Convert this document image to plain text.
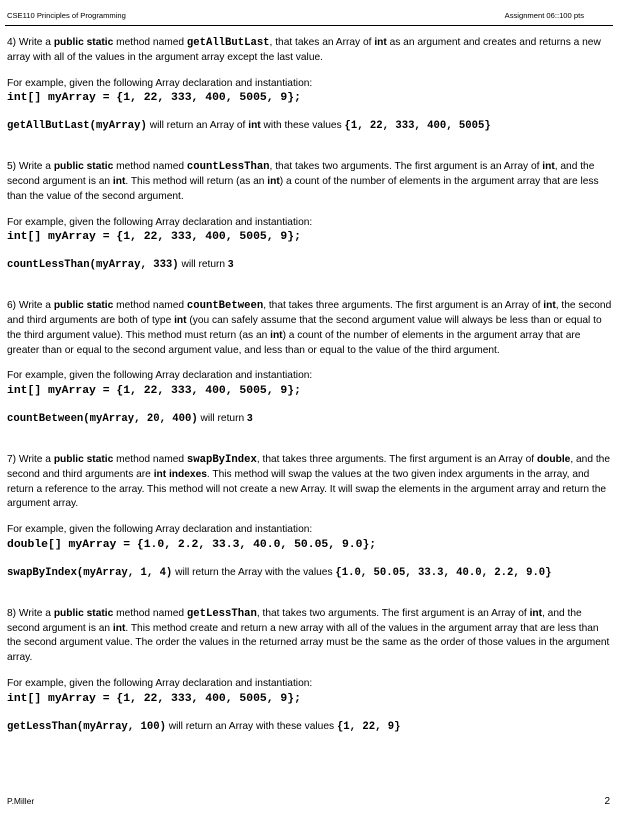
CSE110 Principles of Programming	Assignment 06::100 pts

4) Write a public static method named getAllButLast, that takes an Array of int as an argument and creates and returns a new array with all of the values in the argument array except the last value.

For example, given the following Array declaration and instantiation:

int[] myArray = {1, 22, 333, 400, 5005, 9};

getAllButLast(myArray) will return an Array of int with these values {1, 22, 333, 400, 5005}

5) Write a public static method named countLessThan, that takes two arguments. The first argument is an Array of int, and the second argument is an int. This method will return (as an int) a count of the number of elements in the argument array that are less than the value of the second argument.

For example, given the following Array declaration and instantiation:

int[] myArray = {1, 22, 333, 400, 5005, 9};

countLessThan(myArray, 333) will return 3

6) Write a public static method named countBetween, that takes three arguments. The first argument is an Array of int, the second and third arguments are both of type int (you can safely assume that the second argument value will always be less than or equal to the third argument value). This method must return (as an int) a count of the number of elements in the argument array that are greater than or equal to the second argument value, and less than or equal to the value of the third argument.

For example, given the following Array declaration and instantiation:

int[] myArray = {1, 22, 333, 400, 5005, 9};

countBetween(myArray, 20, 400) will return 3

7) Write a public static method named swapByIndex, that takes three arguments. The first argument is an Array of double, and the second and third arguments are int indexes. This method will swap the values at the two given index arguments in the array, and return a reference to the array. This method will not create a new Array. It will swap the elements in the argument array and return the argument array.

For example, given the following Array declaration and instantiation:

double[] myArray = {1.0, 2.2, 33.3, 40.0, 50.05, 9.0};

swapByIndex(myArray, 1, 4) will return the Array with the values {1.0, 50.05, 33.3, 40.0, 2.2, 9.0}

8) Write a public static method named getLessThan, that takes two arguments. The first argument is an Array of int, and the second argument is an int. This method create and return a new array with all of the values in the argument array that are less than the second argument value. The order the values in the returned array must be the same as the order of those values in the argument array.

For example, given the following Array declaration and instantiation:

int[] myArray = {1, 22, 333, 400, 5005, 9};

getLessThan(myArray, 100) will return an Array with these values {1, 22, 9}

P.Miller	2
